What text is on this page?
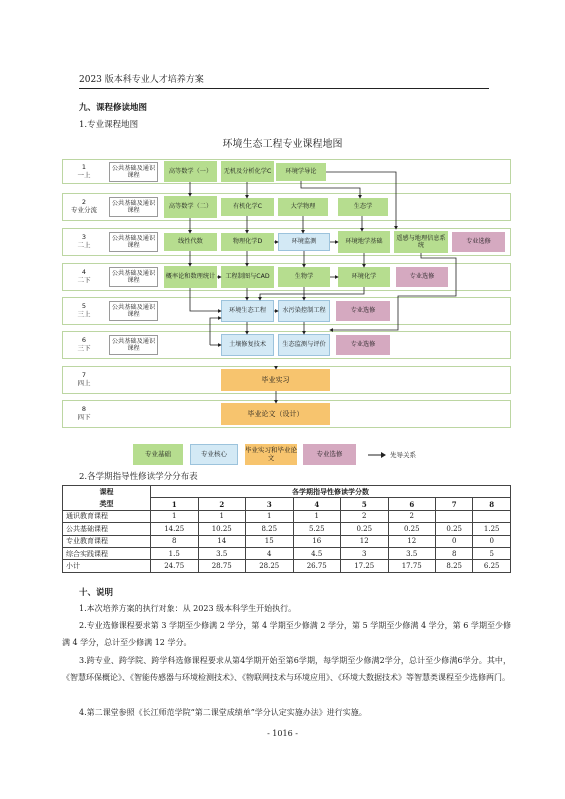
2023 版本科专业人才培养方案
九、课程修读地图
1.专业课程地图
环境生态工程专业课程地图
1
一上
2
专业分流
3
二上
4
二下
5
三上
6
三下
7
四上
8
四下
公共基础及通识课程
公共基础及通识课程
公共基础及通识课程
公共基础及通识课程
公共基础及通识课程
公共基础及通识课程
高等数学（一）	无机及分析化学C	环境学导论
高等数学（二）	有机化学C	大学物理	生态学
线性代数	物理化学D	环境监测	环境地学基础
遥感与地理信息系统
专业选修
概率论和数理统计	工程制图与CAD	生物学	环境化学	专业选修
环境生态工程	水污染控制工程	专业选修
土壤修复技术	生态监测与评价	专业选修
毕业实习
毕业论文（设计）
专业基础	专业核心	毕业实习和毕业论文	专业选修	先导关系
2.各学期指导性修读学分分布表
课程	各学期指导性修读学分数							
类型	1	2	3	4	5	6	7	8
通识教育课程	1	1	1	1	2	2		
公共基础课程	14.25	10.25	8.25	5.25	0.25	0.25	0.25	1.25
专业教育课程	8	14	15	16	12	12	0	0
综合实践课程	1.5	3.5	4	4.5	3	3.5	8	5
小计	24.75	28.75	28.25	26.75	17.25	17.75	8.25	6.25
十、说明
1.本次培养方案的执行对象：从 2023 级本科学生开始执行。
2.专业选修课程要求第 3 学期至少修满 2 学分，第 4 学期至少修满 2 学分，第 5 学期至少修满 4 学分，第 6 学期至少修满 4 学分，总计至少修满 12 学分。
3.跨专业、跨学院、跨学科选修课程要求从第4学期开始至第6学期，每学期至少修满2学分，总计至少修满6学分。其中，《智慧环保概论》、《智能传感器与环境检测技术》、《物联网技术与环境应用》、《环境大数据技术》等智慧类课程至少选修两门。
4.第二课堂参照《长江师范学院“第二课堂成绩单”学分认定实施办法》进行实施。
- 1016 -
